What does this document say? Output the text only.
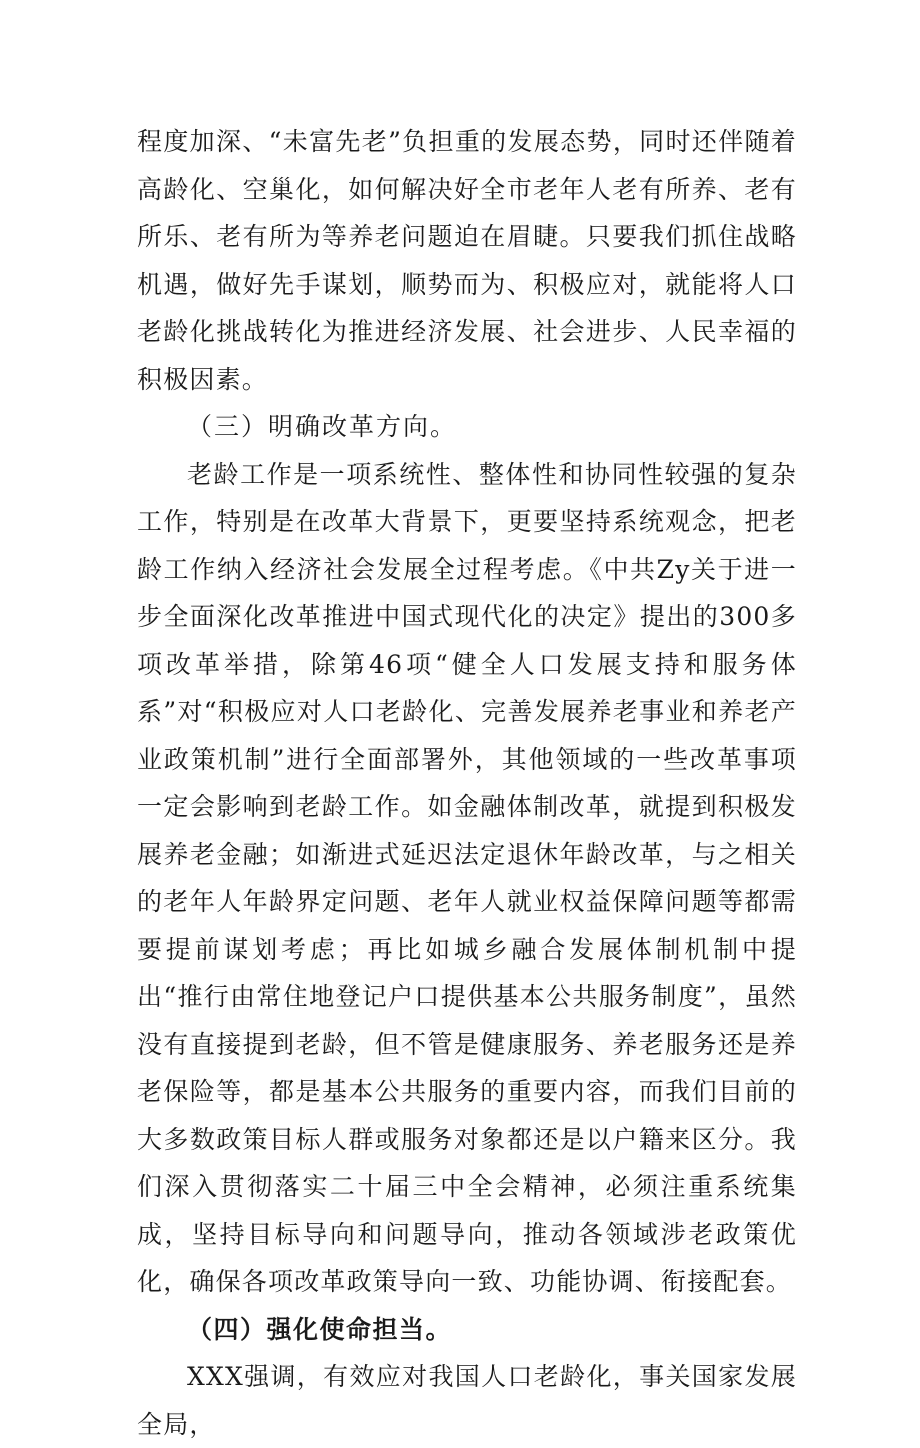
程度加深、“未富先老”负担重的发展态势，同时还伴随着高龄化、空巢化，如何解决好全市老年人老有所养、老有所乐、老有所为等养老问题迫在眉睫。只要我们抓住战略机遇，做好先手谋划，顺势而为、积极应对，就能将人口老龄化挑战转化为推进经济发展、社会进步、人民幸福的积极因素。

（三）明确改革方向。

老龄工作是一项系统性、整体性和协同性较强的复杂工作，特别是在改革大背景下，更要坚持系统观念，把老龄工作纳入经济社会发展全过程考虑。《中共Zy关于进一步全面深化改革推进中国式现代化的决定》提出的300多项改革举措，除第46项“健全人口发展支持和服务体系”对“积极应对人口老龄化、完善发展养老事业和养老产业政策机制”进行全面部署外，其他领域的一些改革事项一定会影响到老龄工作。如金融体制改革，就提到积极发展养老金融；如渐进式延迟法定退休年龄改革，与之相关的老年人年龄界定问题、老年人就业权益保障问题等都需要提前谋划考虑；再比如城乡融合发展体制机制中提出“推行由常住地登记户口提供基本公共服务制度”，虽然没有直接提到老龄，但不管是健康服务、养老服务还是养老保险等，都是基本公共服务的重要内容，而我们目前的大多数政策目标人群或服务对象都还是以户籍来区分。我们深入贯彻落实二十届三中全会精神，必须注重系统集成，坚持目标导向和问题导向，推动各领域涉老政策优化，确保各项改革政策导向一致、功能协调、衔接配套。

（四）强化使命担当。

XXX强调，有效应对我国人口老龄化，事关国家发展全局，
